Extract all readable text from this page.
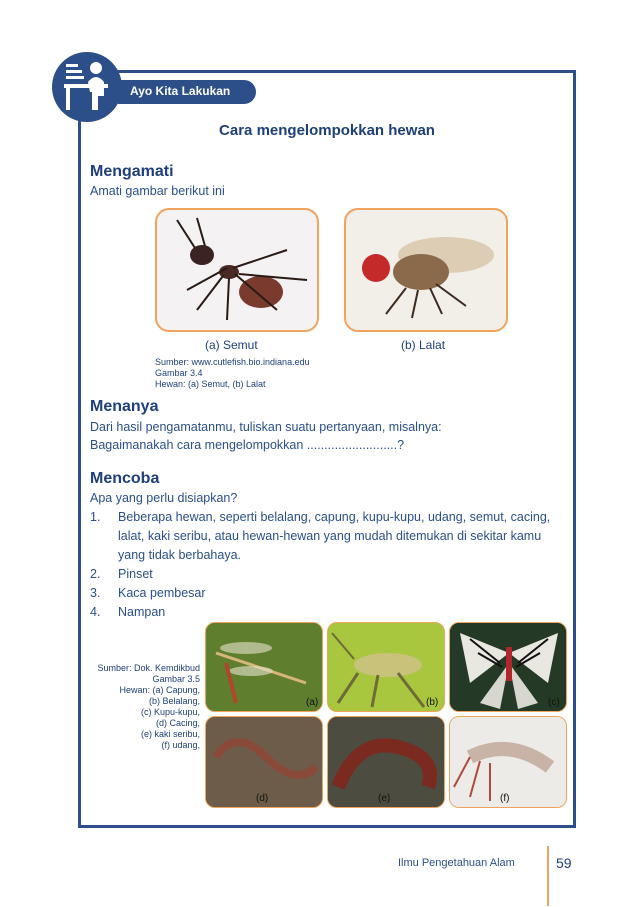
Ayo Kita Lakukan
Cara mengelompokkan hewan
Mengamati
Amati gambar berikut ini
(a) Semut	(b) Lalat
Sumber: www.cutlefish.bio.indiana.edu
Gambar 3.4
Hewan: (a) Semut, (b) Lalat
Menanya
Dari hasil pengamatanmu, tuliskan suatu pertanyaan, misalnya:
Bagaimanakah cara mengelompokkan ..........................?
Mencoba
Apa yang perlu disiapkan?
1. Beberapa hewan, seperti belalang, capung, kupu-kupu, udang, semut, cacing,
lalat, kaki seribu, atau hewan-hewan yang mudah ditemukan di sekitar kamu
yang tidak berbahaya.
2. Pinset
3. Kaca pembesar
4. Nampan
Sumber: Dok. Kemdikbud
Gambar 3.5
Hewan: (a) Capung,
(b) Belalang,
(c) Kupu-kupu,
(d) Cacing,
(e) kaki seribu,
(f) udang,
(a)	(b)	(c)
(d)	(e)	(f)
Ilmu Pengetahuan Alam	59
